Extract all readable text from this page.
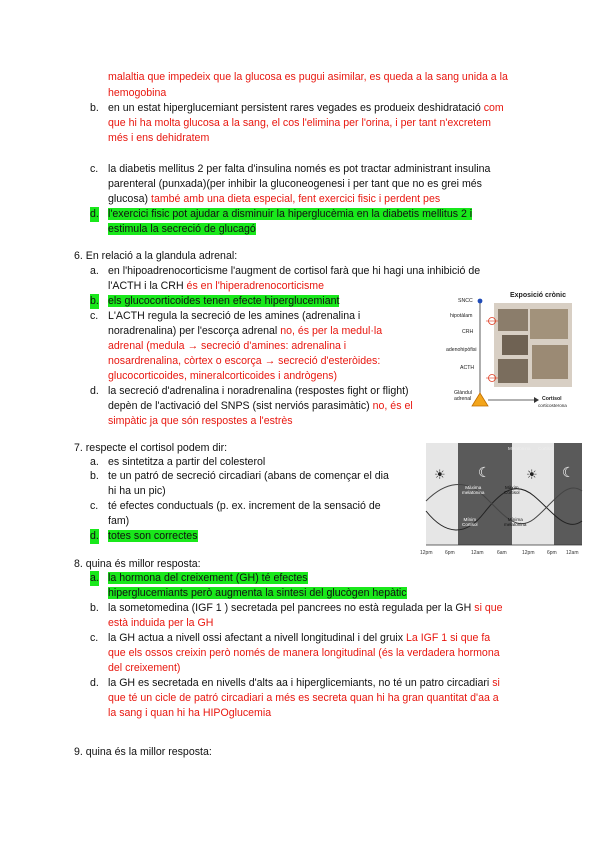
malaltia que impedeix que la glucosa es pugui asimilar, es queda a la sang unida a la
hemogobina
b. en un estat hiperglucemiant persistent rares vegades es produeix deshidratació com
que hi ha molta glucosa a la sang, el cos l'elimina per l'orina, i per tant n'excretem
més i ens dehidratem
c. la diabetis mellitus 2 per falta d'insulina només es pot tractar administrant insulina
parenteral (punxada)(per inhibir la gluconeogenesi i per tant que no es grei més
glucosa) també amb una dieta especial, fent exercici fisic i perdent pes
d. l'exercici fisic pot ajudar a disminuir la hiperglucèmia en la diabetis mellitus 2 i
estimula la secreció de glucagó
6. En relació a la glandula adrenal:
a. en l'hipoadrenocorticisme l'augment de cortisol farà que hi hagi una inhibició de
l'ACTH i la CRH és en l'hiperadrenocorticisme
b. els glucocorticoides tenen efecte hiperglucemiant
c. L'ACTH regula la secreció de les amines (adrenalina i
noradrenalina) per l'escorça adrenal no, és per la medul·la
adrenal (medula → secreció d'amines: adrenalina i
nosardrenalina, còrtex o escorça → secreció d'esteròides:
glucocorticoides, mineralcorticoides i andrògens)
d. la secreció d'adrenalina i noradrenalina (respostes fight or flight)
depèn de l'activació del SNPS (sist nerviós parasimàtic) no, és el
simpàtic ja que són respostes a l'estrès
Exposició crònic
SNCC
hipotàlam
CRH
adenohipòfisi
ACTH
Glàndul
adrenal	Cortisol
corticosterona
7. respecte el cortisol podem dir:
a. es sintetitza a partir del colesterol
b. te un patró de secreció circadiari (abans de començar el dia
hi ha un pic)
c. té efectes conductuals (p. ex. increment de la sensació de
fam)
d. totes son correctes
Melatonina Cortisol
☀ ☾	☀ ☾
Màxima
melatonina
Màxim
Cortisol
Mínim
Cortisol
Mínima
melatonina
12pm 6pm	12am	6am	12pm 6pm 12am
8. quina és millor resposta:
a. la hormona del creixement (GH) té efectes
hiperglucemiants però augmenta la sintesi del glucògen hepàtic
b. la sometomedina (IGF 1 ) secretada pel pancrees no està regulada per la GH si que
està induida per la GH
c. la GH actua a nivell ossi afectant a nivell longitudinal i del gruix La IGF 1 si que fa
que els ossos creixin però només de manera longitudinal (és la verdadera hormona
del creixement)
d. la GH es secretada en nivells d'alts aa i hiperglicemiants, no té un patro circadiari si
que té un cicle de patró circadiari a més es secreta quan hi ha gran quantitat d'aa a
la sang i quan hi ha HIPOglucemia
9. quina és la millor resposta:
